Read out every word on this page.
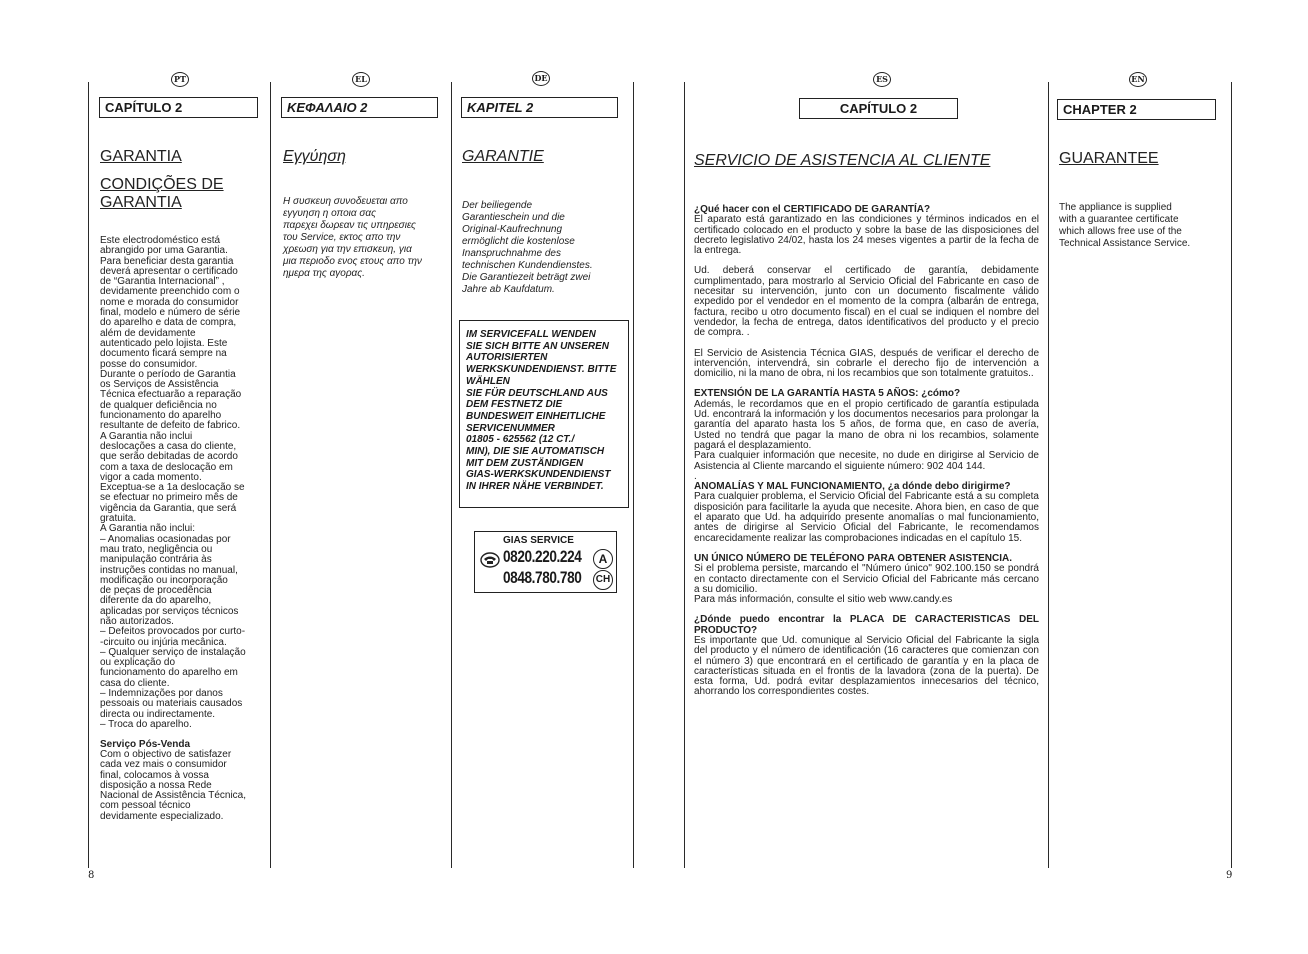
PT
CAPÍTULO 2
GARANTIA
CONDIÇÕES DE
GARANTIA

Este electrodoméstico está
abrangido por uma Garantia.
Para beneficiar desta garantia
deverá apresentar o certificado
de “Garantia Internacional” ,
devidamente preenchido com o
nome e morada do consumidor
final, modelo e número de série
do aparelho e data de compra,
além de devidamente
autenticado pelo lojista. Este
documento ficará sempre na
posse do consumidor.
Durante o período de Garantia
os Serviços de Assistência
Técnica efectuarão a reparação
de qualquer deficiência no
funcionamento do aparelho
resultante de defeito de fabrico.
A Garantia não inclui
deslocações a casa do cliente,
que serão debitadas de acordo
com a taxa de deslocação em
vigor a cada momento.
Exceptua-se a 1a deslocação se
se efectuar no primeiro mês de
vigência da Garantia, que será
gratuita.
A Garantia não inclui:
– Anomalias ocasionadas por
mau trato, negligência ou
manipulação contrária às
instruções contidas no manual,
modificação ou incorporação
de peças de procedência
diferente da do aparelho,
aplicadas por serviços técnicos
não autorizados.
– Defeitos provocados por curto-
-circuito ou injúria mecânica.
– Qualquer serviço de instalação
ou explicação do
funcionamento do aparelho em
casa do cliente.
– Indemnizações por danos
pessoais ou materiais causados
directa ou indirectamente.
– Troca do aparelho.

Serviço Pós-Venda

Com o objectivo de satisfazer
cada vez mais o consumidor
final, colocamos à vossa
disposição a nossa Rede
Nacional de Assistência Técnica,
com pessoal técnico
devidamente especializado.

EL
ΚΕΦΑΛΑΙΟ 2
Εγγύηση

Η συσκευη συνοδευεται απο
εγγυηση η οποια σας
παρεχει δωρεαν τις υπηρεσιες
του Service, εκτος απο την
χρεωση για την επισκευη, για
μια περιοδο ενος ετους απο την
ημερα της αγορας.

DE
KAPITEL 2
GARANTIE

Der beiliegende
Garantieschein und die
Original-Kaufrechnung
ermöglicht die kostenlose
Inanspruchnahme des
technischen Kundendienstes.
Die Garantiezeit beträgt zwei
Jahre ab Kaufdatum.

IM SERVICEFALL WENDEN
SIE SICH BITTE AN UNSEREN
AUTORISIERTEN
WERKSKUNDENDIENST. BITTE
WÄHLEN
SIE FÜR DEUTSCHLAND AUS
DEM FESTNETZ DIE
BUNDESWEIT EINHEITLICHE
SERVICENUMMER
01805 - 625562 (12 CT./
MIN), DIE SIE AUTOMATISCH
MIT DEM ZUSTÄNDIGEN
GIAS-WERKSKUNDENDIENST
IN IHRER NÄHE VERBINDET.
GIAS SERVICE
0820.220.224	A
0848.780.780 CH
ES
CAPÍTULO 2
SERVICIO DE ASISTENCIA AL CLIENTE

¿Qué hacer con el CERTIFICADO DE GARANTÍA?

El aparato está garantizado en las condiciones y términos indicados en el certificado colocado en el producto y sobre la base de las disposiciones del decreto legislativo 24/02, hasta los 24 meses vigentes a partir de la fecha de la entrega.

Ud. deberá conservar el certificado de garantía, debidamente cumplimentado, para mostrarlo al Servicio Oficial del Fabricante en caso de necesitar su intervención, junto con un documento fiscalmente válido expedido por el vendedor en el momento de la compra (albarán de entrega, factura, recibo u otro documento fiscal) en el cual se indiquen el nombre del vendedor, la fecha de entrega, datos identificativos del producto y el precio de compra. .

El Servicio de Asistencia Técnica GIAS, después de verificar el derecho de intervención, intervendrá, sin cobrarle el derecho fijo de intervención a domicilio, ni la mano de obra, ni los recambios que son totalmente gratuitos..

EXTENSIÓN DE LA GARANTÍA HASTA 5 AÑOS: ¿cómo?

Además, le recordamos que en el propio certificado de garantía estipulada Ud. encontrará la información y los documentos necesarios para prolongar la garantía del aparato hasta los 5 años, de forma que, en caso de avería, Usted no tendrá que pagar la mano de obra ni los recambios, solamente pagará el desplazamiento.

Para cualquier información que necesite, no dude en dirigirse al Servicio de Asistencia al Cliente marcando el siguiente número: 902 404 144.

.

ANOMALÍAS Y MAL FUNCIONAMIENTO, ¿a dónde debo dirigirme?

Para cualquier problema, el Servicio Oficial del Fabricante está a su completa disposición para facilitarle la ayuda que necesite. Ahora bien, en caso de que el aparato que Ud. ha adquirido presente anomalías o mal funcionamiento, antes de dirigirse al Servicio Oficial del Fabricante, le recomendamos encarecidamente realizar las comprobaciones indicadas en el capítulo 15.

UN ÚNICO NÚMERO DE TELÉFONO PARA OBTENER ASISTENCIA.

Si el problema persiste, marcando el "Número único" 902.100.150 se pondrá en contacto directamente con el Servicio Oficial del Fabricante más cercano a su domicilio.

Para más información, consulte el sitio web www.candy.es

¿Dónde puedo encontrar la PLACA DE CARACTERISTICAS DEL PRODUCTO?

Es importante que Ud. comunique al Servicio Oficial del Fabricante la sigla del producto y el número de identificación (16 caracteres que comienzan con el número 3) que encontrará en el certificado de garantía y en la placa de características situada en el frontis de la lavadora (zona de la puerta). De esta forma, Ud. podrá evitar desplazamientos innecesarios del técnico, ahorrando los correspondientes costes.

EN
CHAPTER 2
GUARANTEE

The appliance is supplied
with a guarantee certificate
which allows free use of the
Technical Assistance Service.

8	9
